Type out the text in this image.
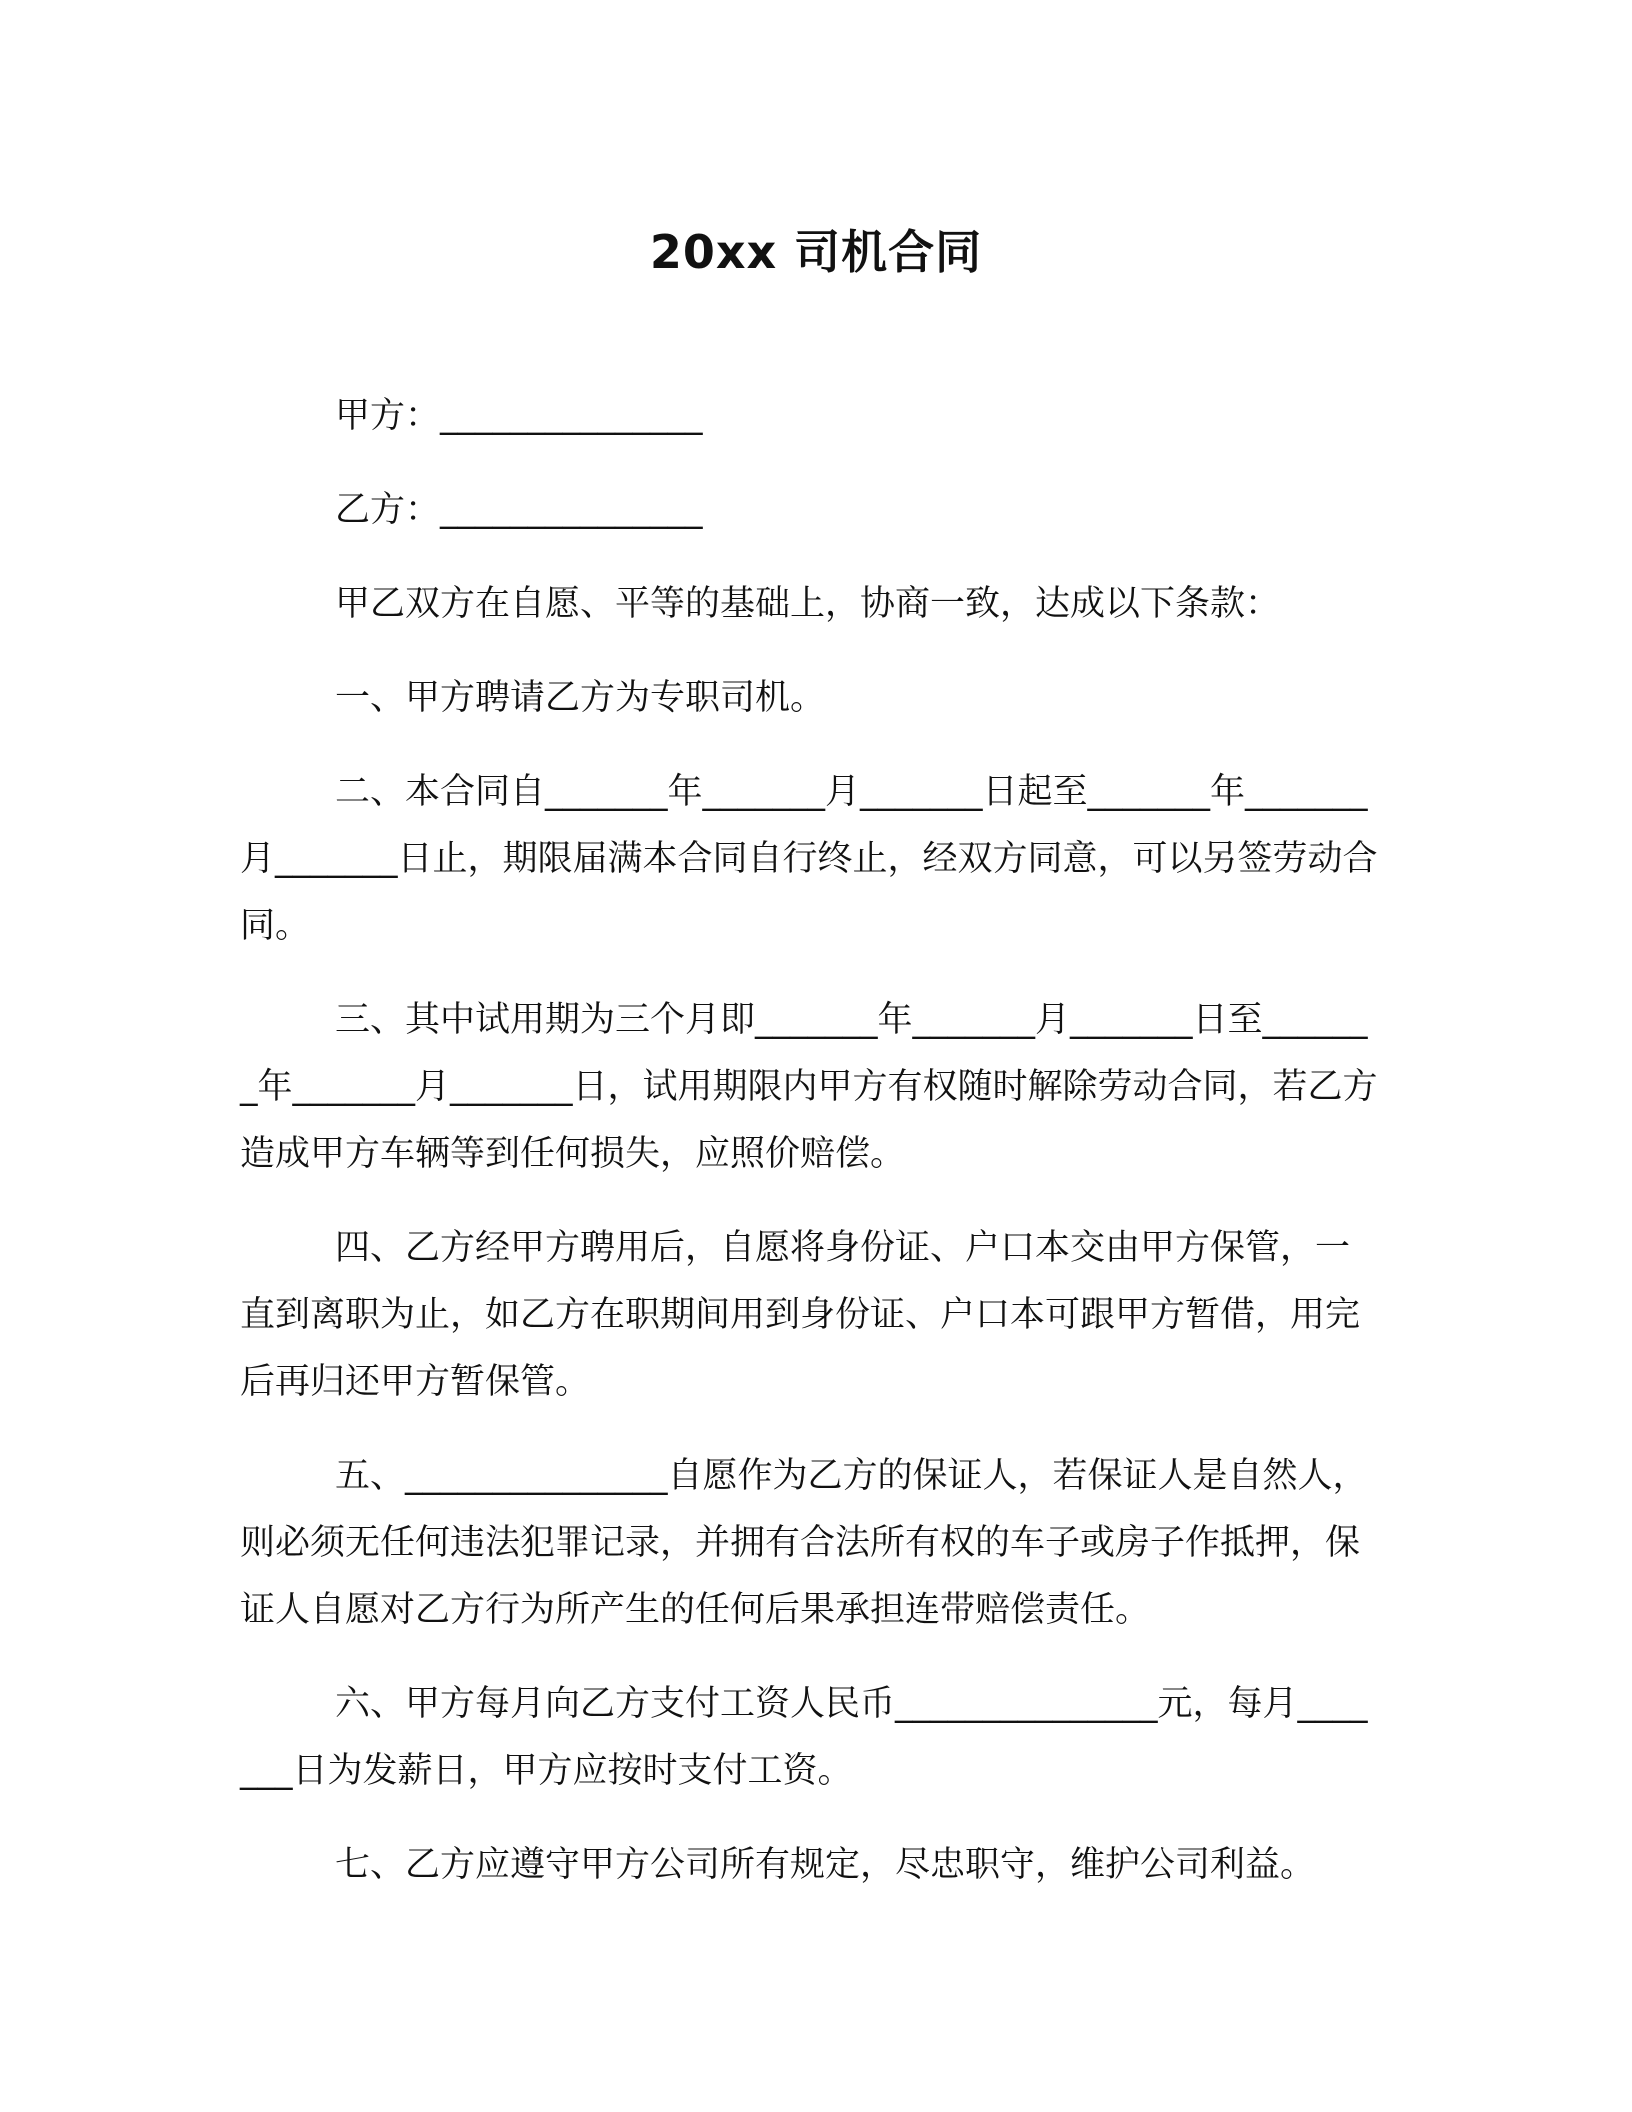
20xx 司机合同

甲方：_______________

乙方：_______________

甲乙双方在自愿、平等的基础上，协商一致，达成以下条款：

一、甲方聘请乙方为专职司机。

二、本合同自_______年_______月_______日起至_______年_______月_______日止，期限届满本合同自行终止，经双方同意，可以另签劳动合同。

三、其中试用期为三个月即_______年_______月_______日至_______年_______月_______日，试用期限内甲方有权随时解除劳动合同，若乙方造成甲方车辆等到任何损失，应照价赔偿。

四、乙方经甲方聘用后，自愿将身份证、户口本交由甲方保管，一直到离职为止，如乙方在职期间用到身份证、户口本可跟甲方暂借，用完后再归还甲方暂保管。

五、_______________自愿作为乙方的保证人，若保证人是自然人，则必须无任何违法犯罪记录，并拥有合法所有权的车子或房子作抵押，保证人自愿对乙方行为所产生的任何后果承担连带赔偿责任。

六、甲方每月向乙方支付工资人民币_______________元，每月_______日为发薪日，甲方应按时支付工资。

七、乙方应遵守甲方公司所有规定，尽忠职守，维护公司利益。
